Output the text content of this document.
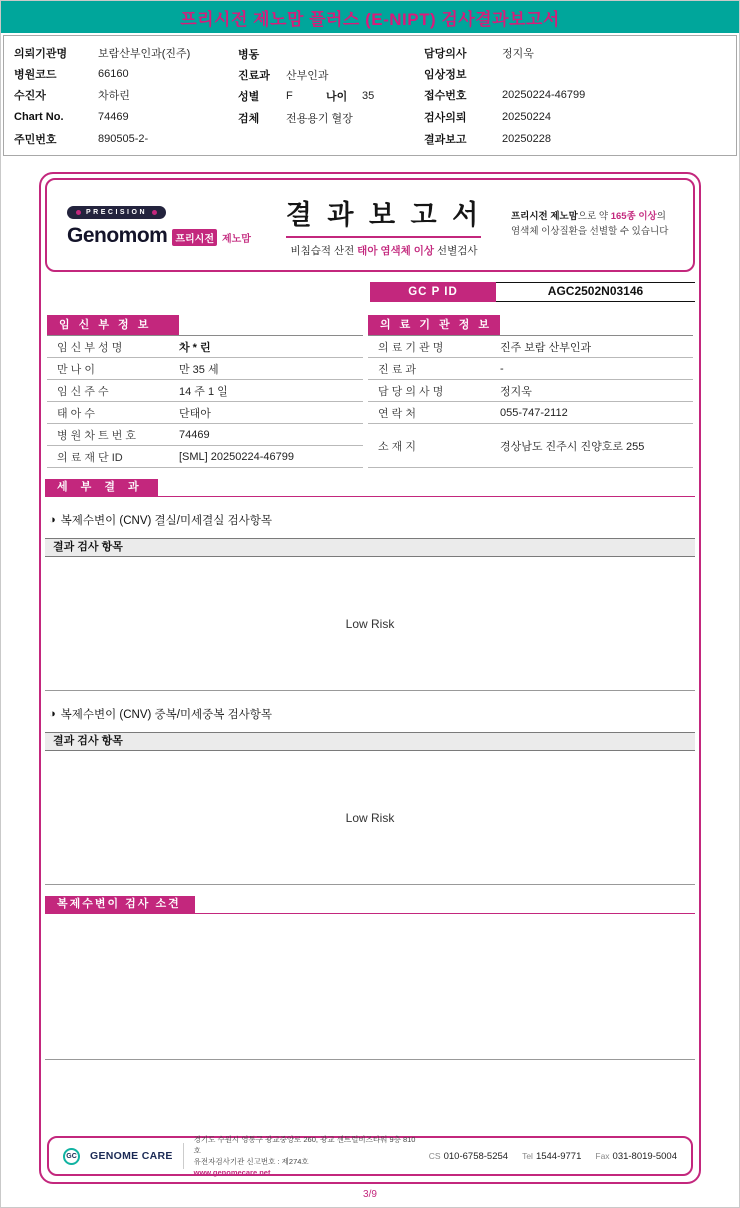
프리시전 제노맘 플러스 (E-NIPT) 검사결과보고서
의뢰기관명	보람산부인과(진주)
병원코드	66160
수진자	차하린
Chart No.	74469
주민번호	890505-2-
병동
진료과	산부인과
성별	F	나이	35
검체	전용용기 혈장
담당의사	정지욱
임상정보
접수번호	20250224-46799
검사의뢰	20250224
결과보고	20250228
PRECISION
Genomom 프리시전 제노맘
결 과 보 고 서
비침습적 산전 태아 염색체 이상 선별검사
프리시전 제노맘으로 약 165종 이상의
염색체 이상질환을 선별할 수 있습니다
GC P ID	AGC2502N03146
임 신 부 정 보
임 신 부 성 명	차 * 린
만 나 이	만 35 세
임 신 주 수	14 주 1 일
태 아 수	단태아
병 원 차 트 번 호	74469
의 료 재 단 ID	[SML] 20250224-46799
의 료 기 관 정 보
의 료 기 관 명	진주 보람 산부인과
진 료 과	-
담 당 의 사 명	정지욱
연 락 처	055-747-2112
소 재 지	경상남도 진주시 진양호로 255
세 부 결 과
◑ 복제수변이 (CNV) 결실/미세결실 검사항목
결과 검사 항목
Low Risk
◑ 복제수변이 (CNV) 중복/미세중복 검사항목
결과 검사 항목
Low Risk
복제수변이 검사 소견
GC	GENOME CARE
경기도 수원시 영통구 광교중앙로 260, 광교 센트럴비즈타워 9층 810호
유전자검사기관 신고번호 : 제274호
www.genomecare.net
CS 010-6758-5254 Tel 1544-9771 Fax 031-8019-5004
3/9
